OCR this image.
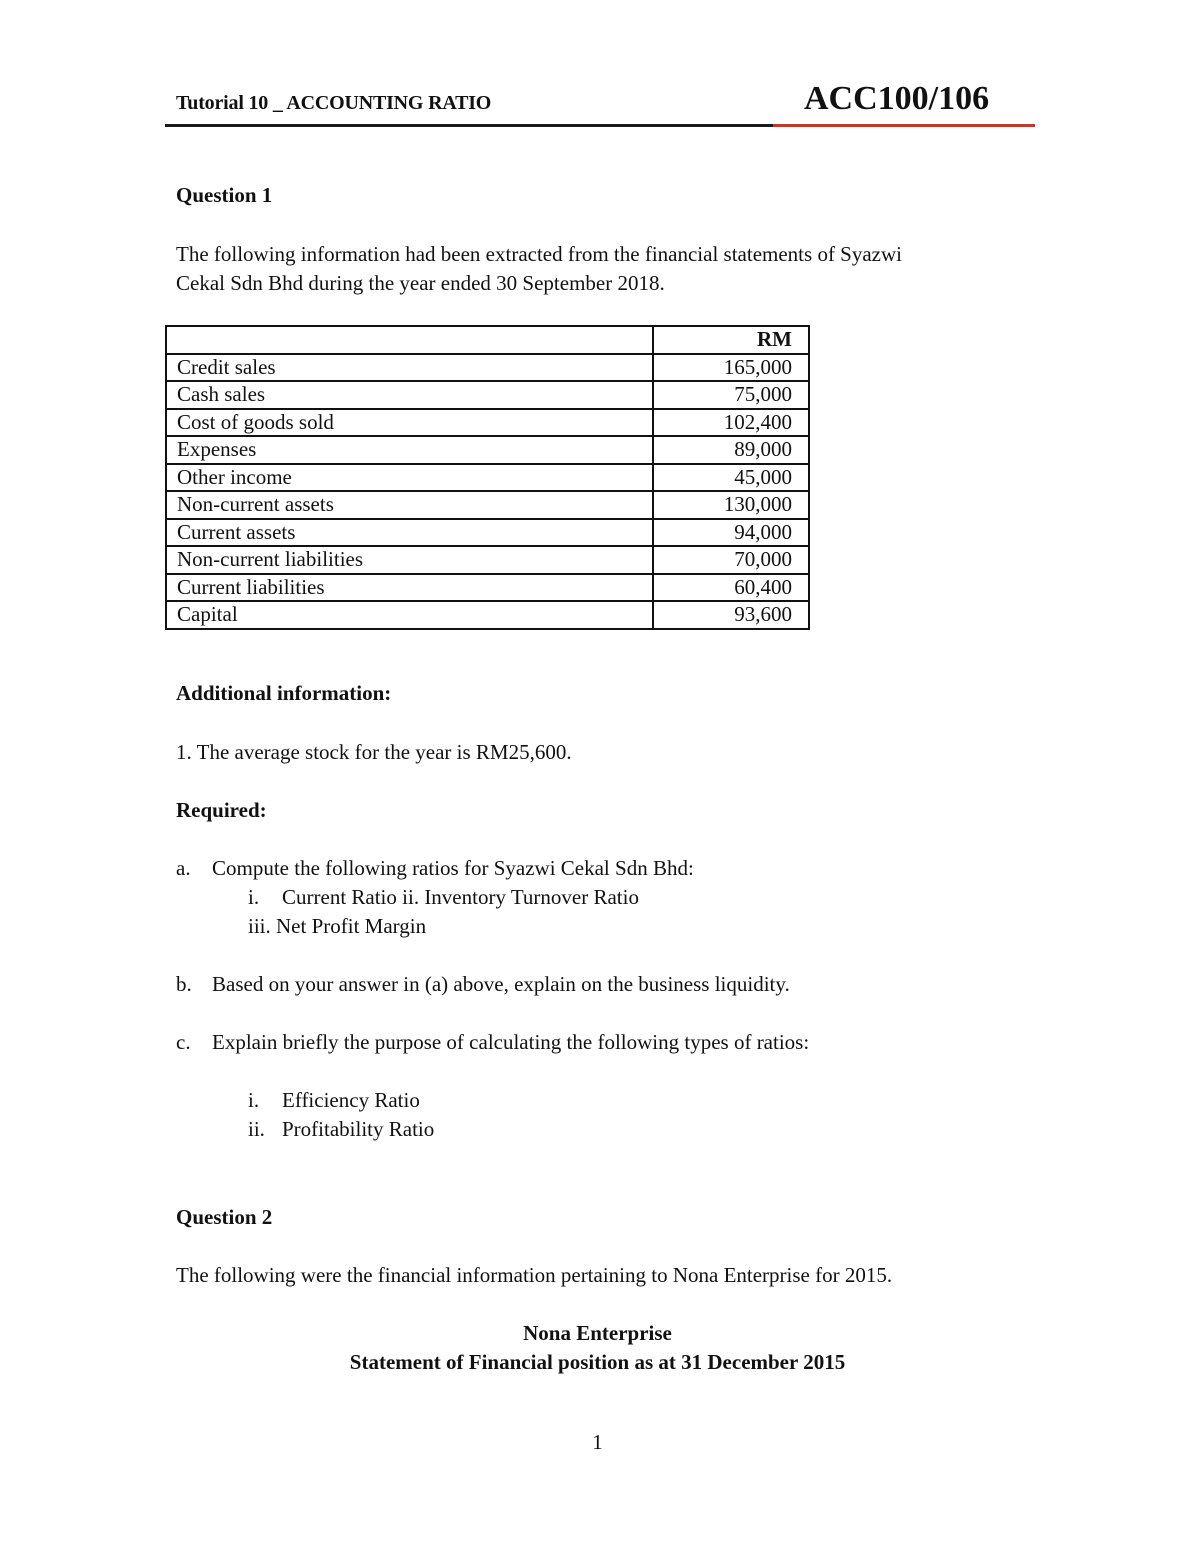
Tutorial 10 _ ACCOUNTING RATIO	ACC100/106
Question 1
The following information had been extracted from the financial statements of Syazwi
Cekal Sdn Bhd during the year ended 30 September 2018.
	RM
Credit sales	165,000
Cash sales	75,000
Cost of goods sold	102,400
Expenses	89,000
Other income	45,000
Non-current assets	130,000
Current assets	94,000
Non-current liabilities	70,000
Current liabilities	60,400
Capital	93,600
Additional information:
1. The average stock for the year is RM25,600.
Required:
a. Compute the following ratios for Syazwi Cekal Sdn Bhd:
i. Current Ratio ii. Inventory Turnover Ratio
iii. Net Profit Margin
b. Based on your answer in (a) above, explain on the business liquidity.
c. Explain briefly the purpose of calculating the following types of ratios:
i. Efficiency Ratio
ii. Profitability Ratio
Question 2
The following were the financial information pertaining to Nona Enterprise for 2015.
Nona Enterprise
Statement of Financial position as at 31 December 2015
1
